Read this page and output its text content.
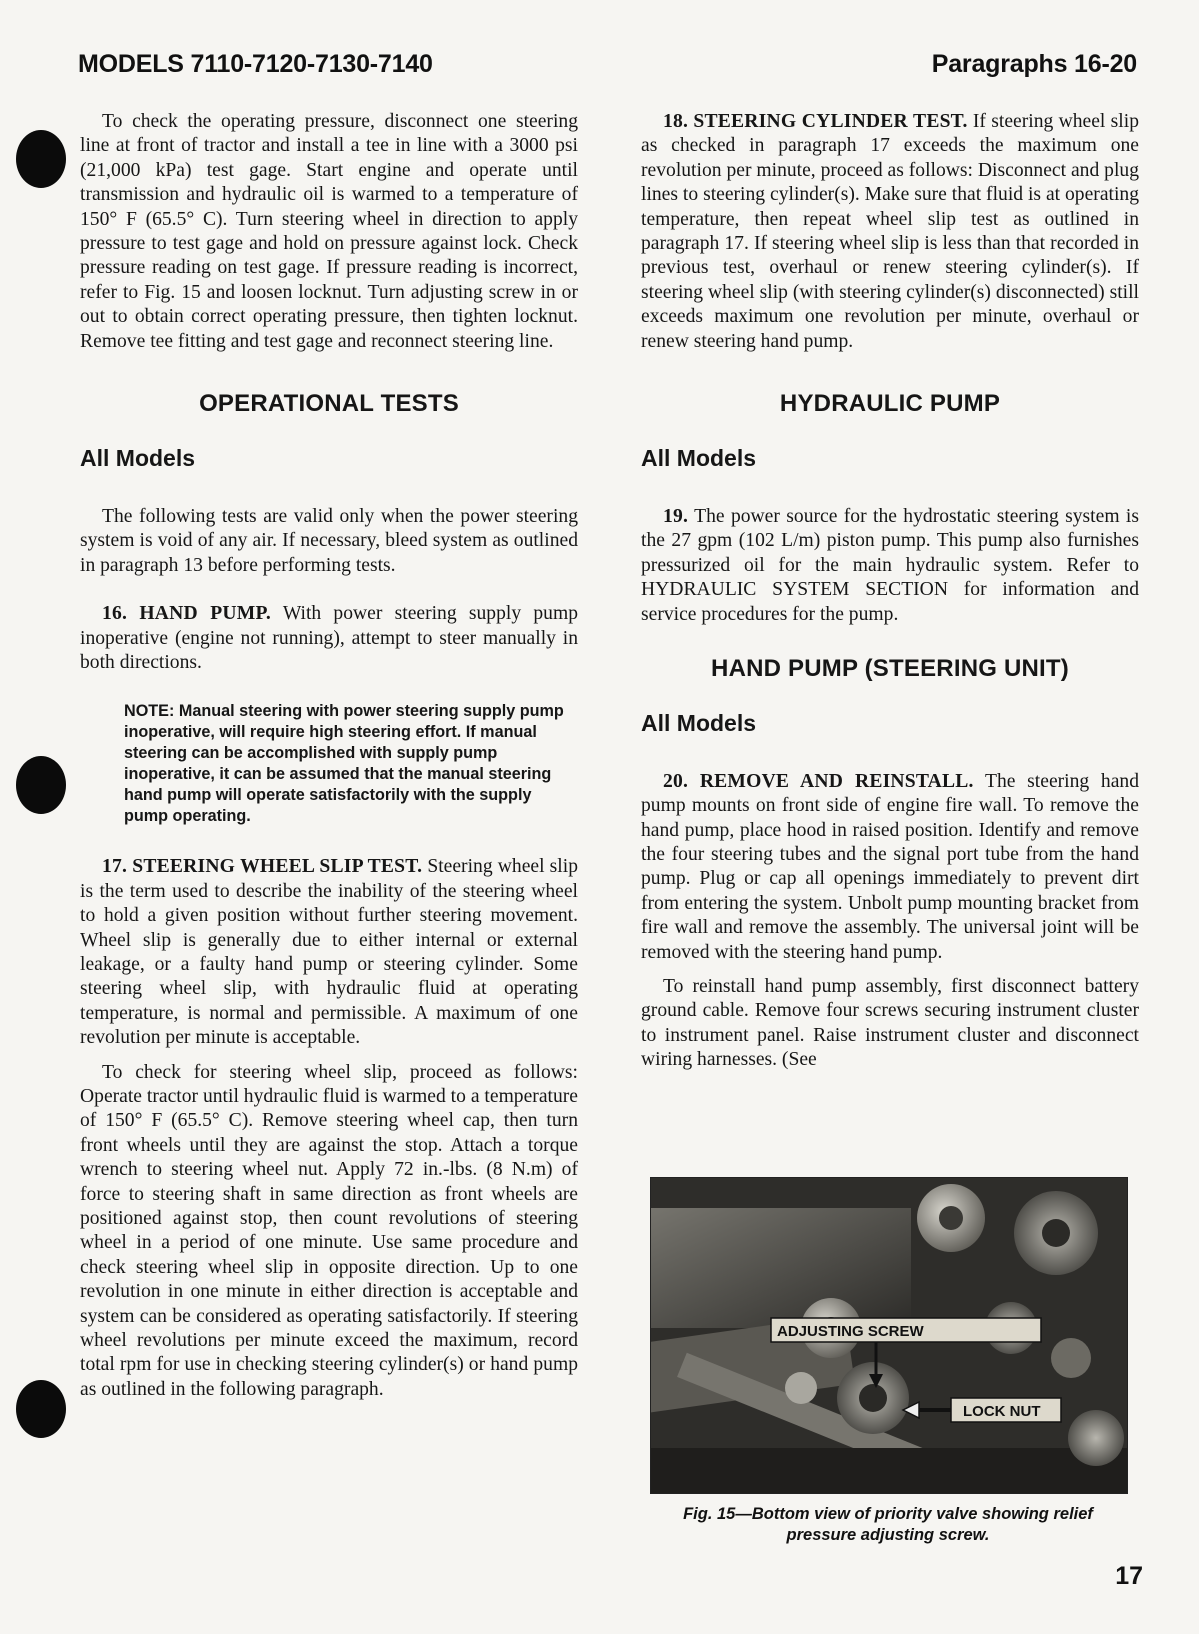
MODELS 7110-7120-7130-7140	Paragraphs 16-20

To check the operating pressure, disconnect one steering line at front of tractor and install a tee in line with a 3000 psi (21,000 kPa) test gage. Start engine and operate until transmission and hydraulic oil is warmed to a temperature of 150° F (65.5° C). Turn steering wheel in direction to apply pressure to test gage and hold on pressure against lock. Check pressure reading on test gage. If pressure reading is incorrect, refer to Fig. 15 and loosen locknut. Turn adjusting screw in or out to obtain correct operating pressure, then tighten locknut. Remove tee fitting and test gage and reconnect steering line.

OPERATIONAL TESTS
All Models

The following tests are valid only when the power steering system is void of any air. If necessary, bleed system as outlined in paragraph 13 before performing tests.

16. HAND PUMP. With power steering supply pump inoperative (engine not running), attempt to steer manually in both directions.

NOTE: Manual steering with power steering supply pump inoperative, will require high steering effort. If manual steering can be accomplished with supply pump inoperative, it can be assumed that the manual steering hand pump will operate satisfactorily with the supply pump operating.

17. STEERING WHEEL SLIP TEST. Steering wheel slip is the term used to describe the inability of the steering wheel to hold a given position without further steering movement. Wheel slip is generally due to either internal or external leakage, or a faulty hand pump or steering cylinder. Some steering wheel slip, with hydraulic fluid at operating temperature, is normal and permissible. A maximum of one revolution per minute is acceptable.

To check for steering wheel slip, proceed as follows: Operate tractor until hydraulic fluid is warmed to a temperature of 150° F (65.5° C). Remove steering wheel cap, then turn front wheels until they are against the stop. Attach a torque wrench to steering wheel nut. Apply 72 in.-lbs. (8 N.m) of force to steering shaft in same direction as front wheels are positioned against stop, then count revolutions of steering wheel in a period of one minute. Use same procedure and check steering wheel slip in opposite direction. Up to one revolution in one minute in either direction is acceptable and system can be considered as operating satisfactorily. If steering wheel revolutions per minute exceed the maximum, record total rpm for use in checking steering cylinder(s) or hand pump as outlined in the following paragraph.

18. STEERING CYLINDER TEST. If steering wheel slip as checked in paragraph 17 exceeds the maximum one revolution per minute, proceed as follows: Disconnect and plug lines to steering cylinder(s). Make sure that fluid is at operating temperature, then repeat wheel slip test as outlined in paragraph 17. If steering wheel slip is less than that recorded in previous test, overhaul or renew steering cylinder(s). If steering wheel slip (with steering cylinder(s) disconnected) still exceeds maximum one revolution per minute, overhaul or renew steering hand pump.

HYDRAULIC PUMP
All Models

19. The power source for the hydrostatic steering system is the 27 gpm (102 L/m) piston pump. This pump also furnishes pressurized oil for the main hydraulic system. Refer to HYDRAULIC SYSTEM SECTION for information and service procedures for the pump.

HAND PUMP (STEERING UNIT)
All Models

20. REMOVE AND REINSTALL. The steering hand pump mounts on front side of engine fire wall. To remove the hand pump, place hood in raised position. Identify and remove the four steering tubes and the signal port tube from the hand pump. Plug or cap all openings immediately to prevent dirt from entering the system. Unbolt pump mounting bracket from fire wall and remove the assembly. The universal joint will be removed with the steering hand pump.

To reinstall hand pump assembly, first disconnect battery ground cable. Remove four screws securing instrument cluster to instrument panel. Raise instrument cluster and disconnect wiring harnesses. (See

ADJUSTING SCREW
LOCK NUT
Fig. 15—Bottom view of priority valve showing relief pressure adjusting screw.
17
